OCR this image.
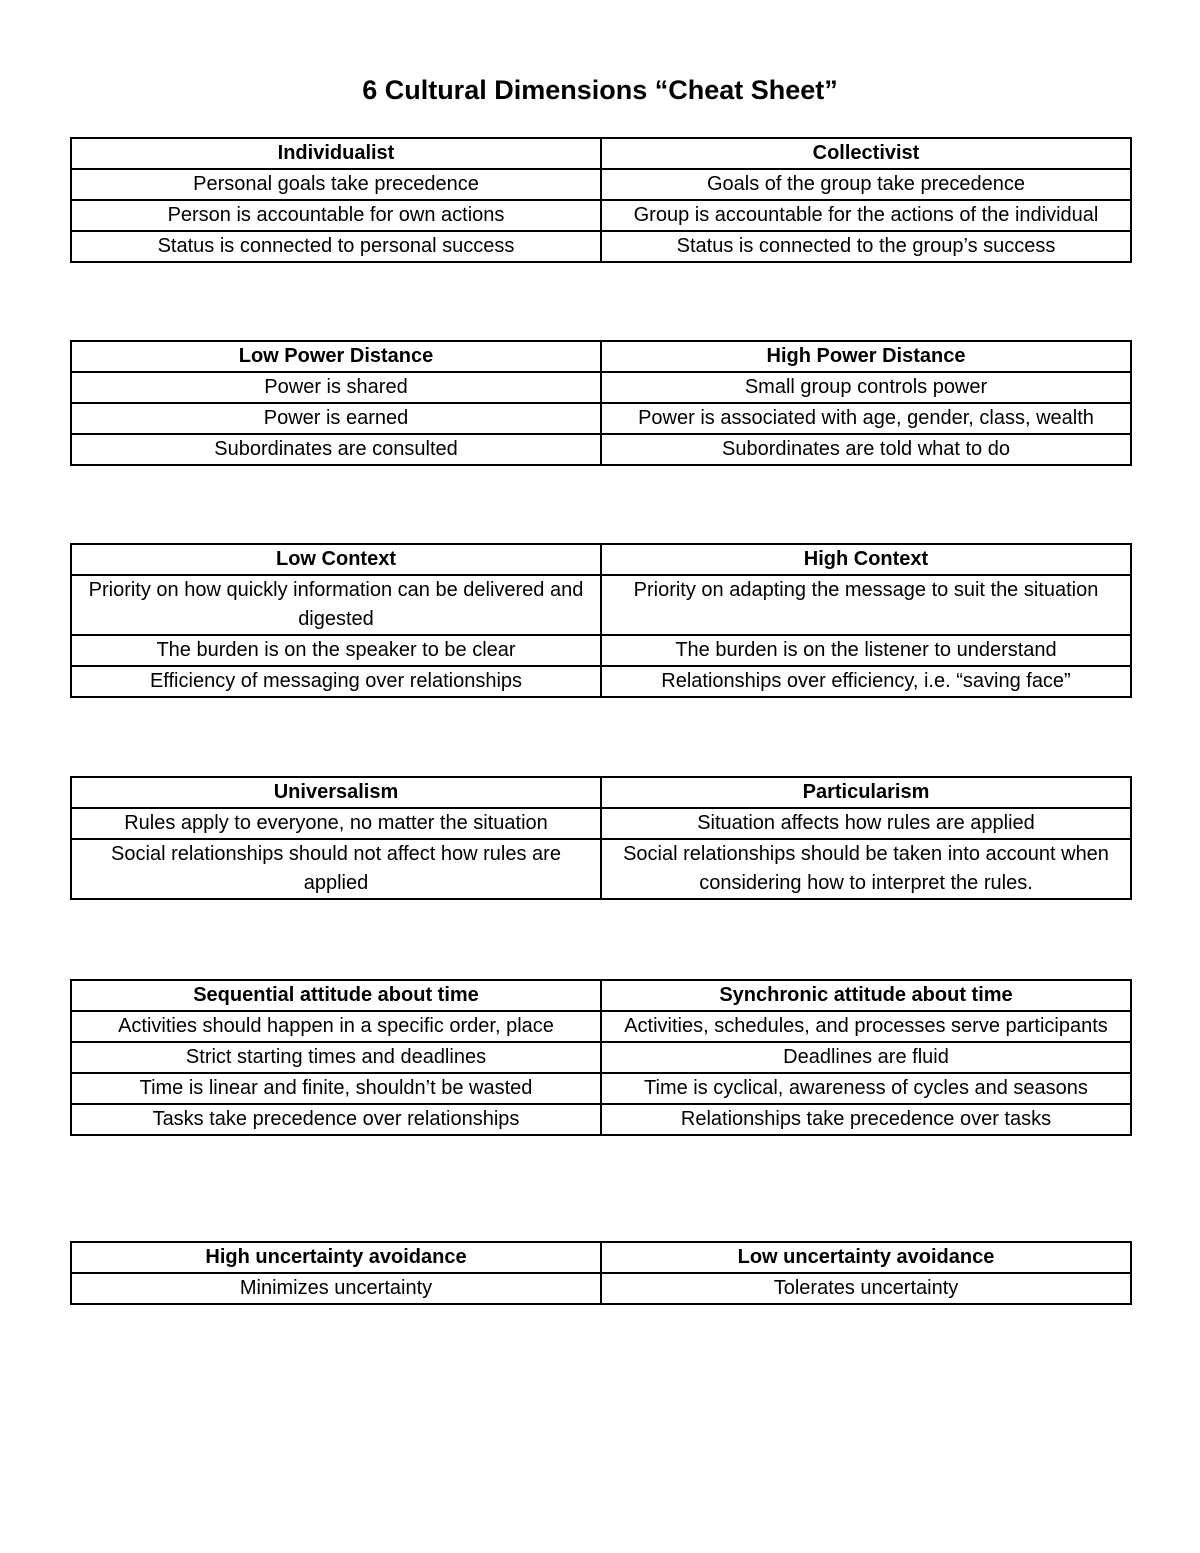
6 Cultural Dimensions “Cheat Sheet”
Individualist	Collectivist
Personal goals take precedence	Goals of the group take precedence
Person is accountable for own actions	Group is accountable for the actions of the individual
Status is connected to personal success	Status is connected to the group’s success
Low Power Distance	High Power Distance
Power is shared	Small group controls power
Power is earned	Power is associated with age, gender, class, wealth
Subordinates are consulted	Subordinates are told what to do
Low Context	High Context
Priority on how quickly information can be delivered and digested	Priority on adapting the message to suit the situation
The burden is on the speaker to be clear	The burden is on the listener to understand
Efficiency of messaging over relationships	Relationships over efficiency, i.e. “saving face”
Universalism	Particularism
Rules apply to everyone, no matter the situation	Situation affects how rules are applied
Social relationships should not affect how rules are applied	Social relationships should be taken into account when considering how to interpret the rules.
Sequential attitude about time	Synchronic attitude about time
Activities should happen in a specific order, place	Activities, schedules, and processes serve participants
Strict starting times and deadlines	Deadlines are fluid
Time is linear and finite, shouldn’t be wasted	Time is cyclical, awareness of cycles and seasons
Tasks take precedence over relationships	Relationships take precedence over tasks
High uncertainty avoidance	Low uncertainty avoidance
Minimizes uncertainty	Tolerates uncertainty
